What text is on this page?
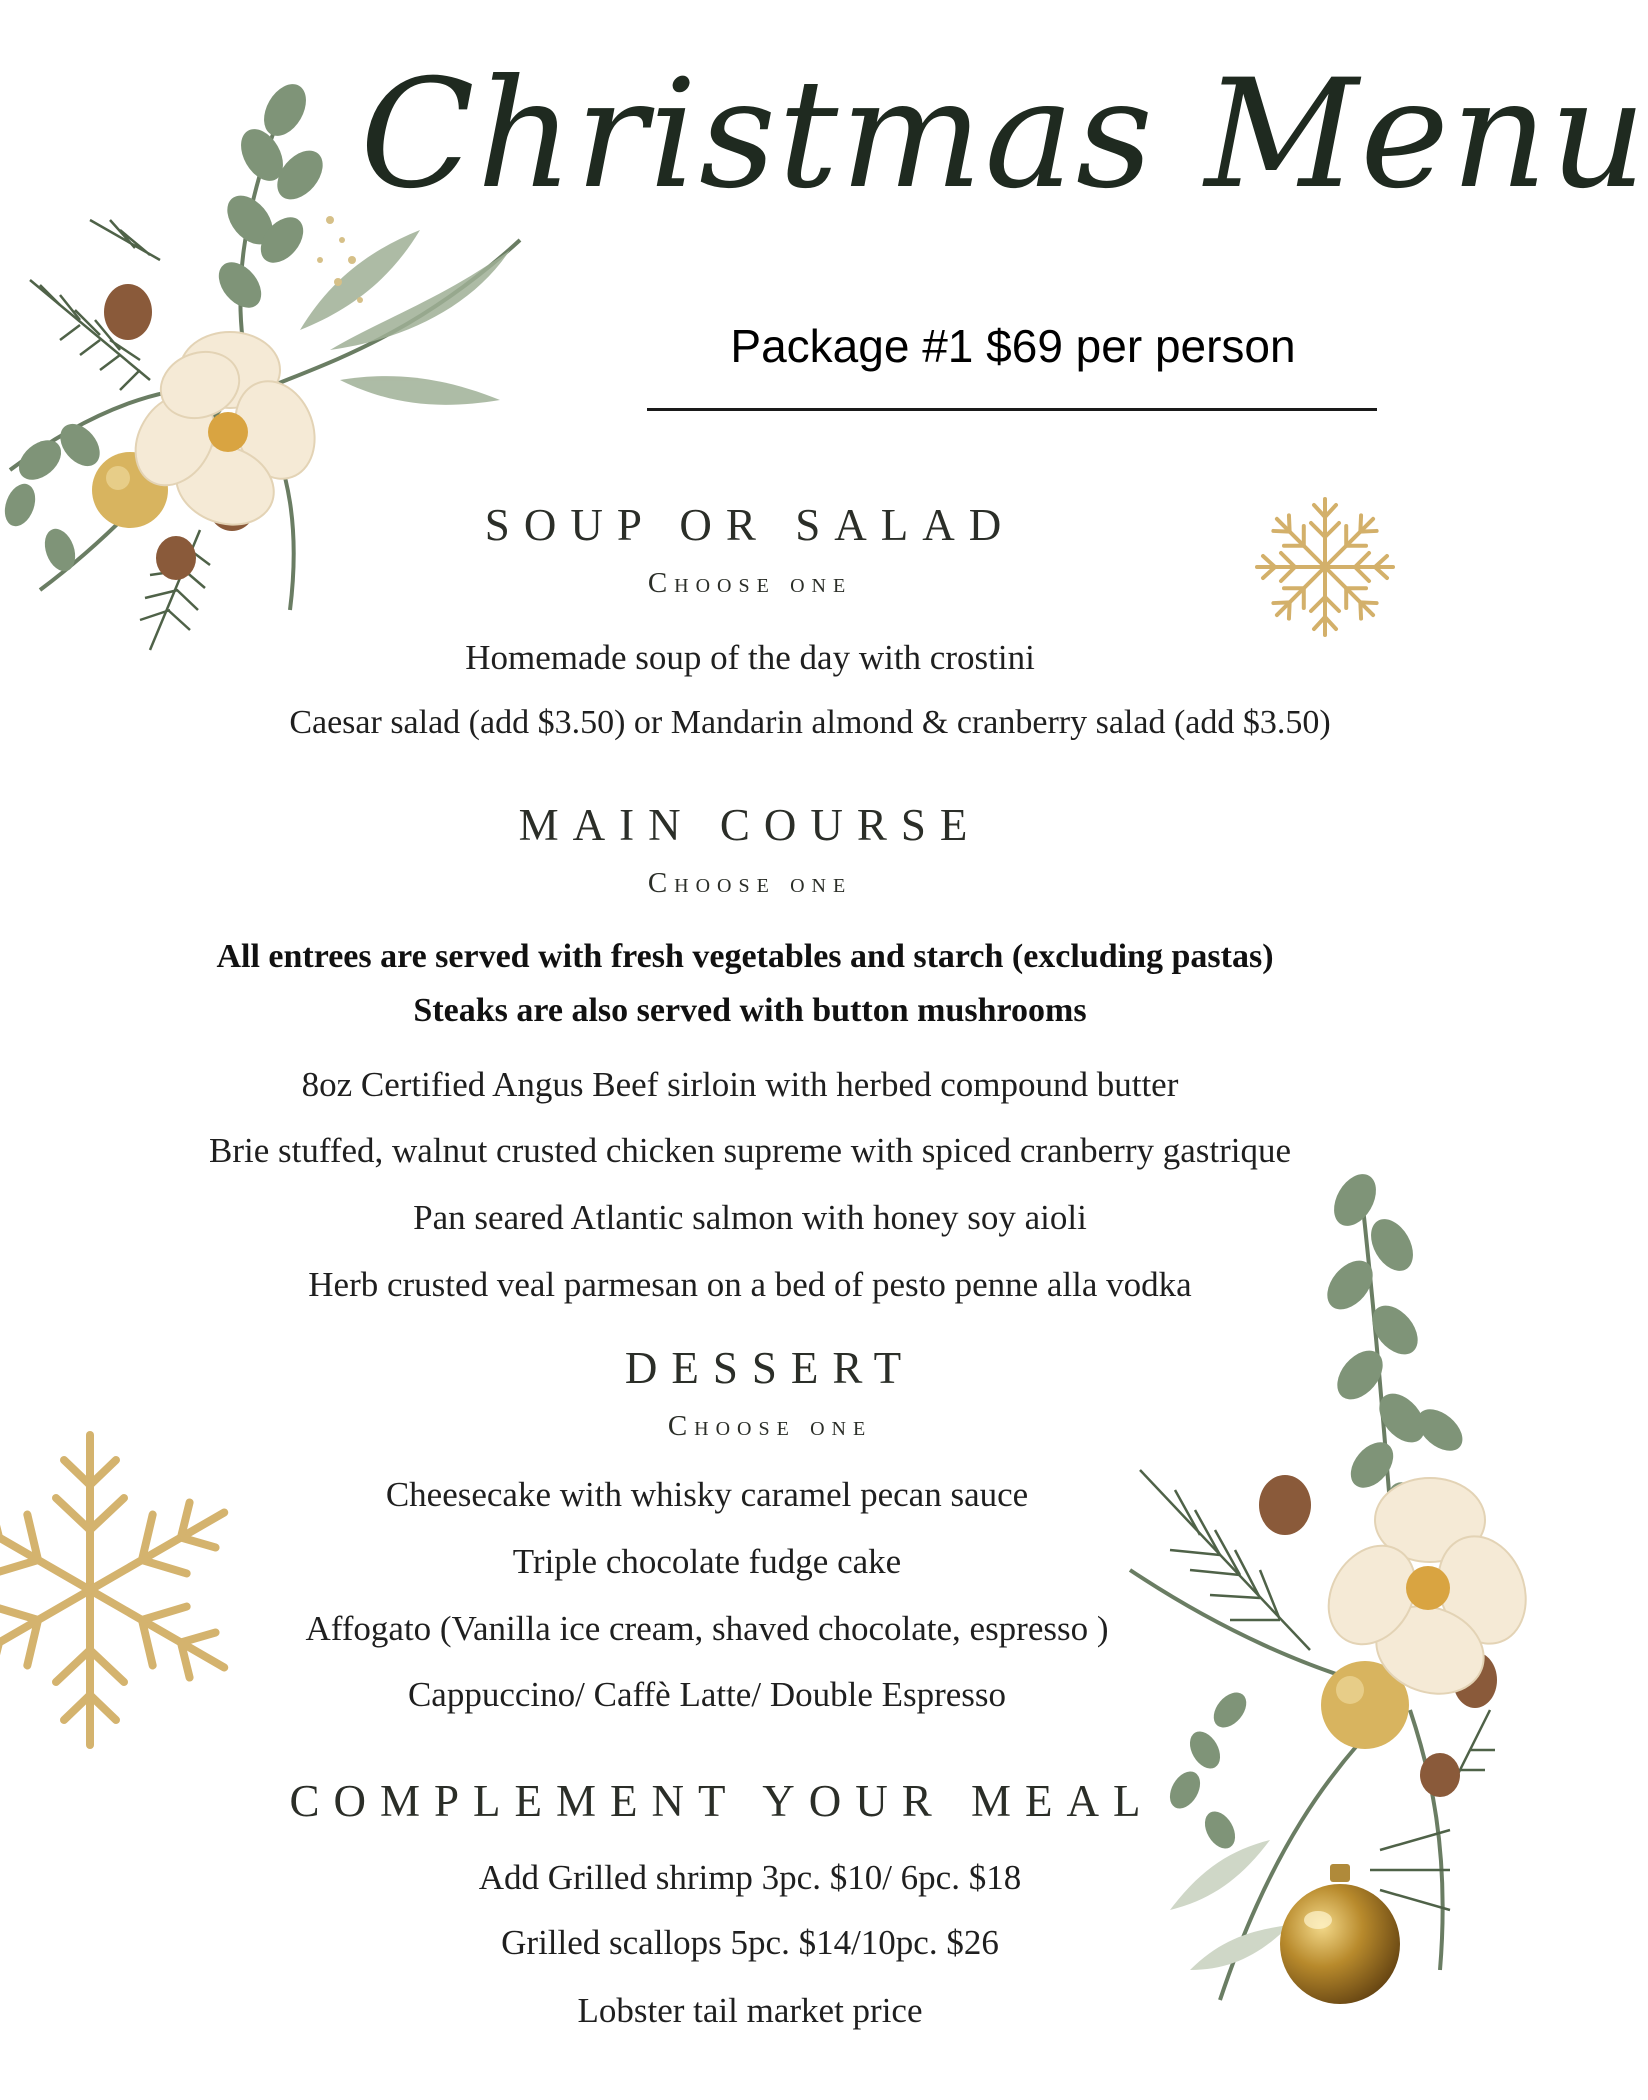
Christmas Menu
Package #1 $69 per person
SOUP OR SALAD
Choose one
Homemade soup of the day with crostini
Caesar salad (add $3.50) or Mandarin almond & cranberry salad (add $3.50)
MAIN COURSE
Choose one
All entrees are served with fresh vegetables and starch (excluding pastas)
Steaks are also served with button mushrooms
8oz Certified Angus Beef sirloin with herbed compound butter
Brie stuffed, walnut crusted chicken supreme with spiced cranberry gastrique
Pan seared Atlantic salmon with honey soy aioli
Herb crusted veal parmesan on a bed of pesto penne alla vodka
DESSERT
Choose one
Cheesecake with whisky caramel pecan sauce
Triple chocolate fudge cake
Affogato (Vanilla ice cream, shaved chocolate, espresso )
Cappuccino/ Caffè Latte/ Double Espresso
COMPLEMENT YOUR MEAL
Add Grilled shrimp 3pc. $10/ 6pc. $18
Grilled scallops 5pc. $14/10pc. $26
Lobster tail market price
